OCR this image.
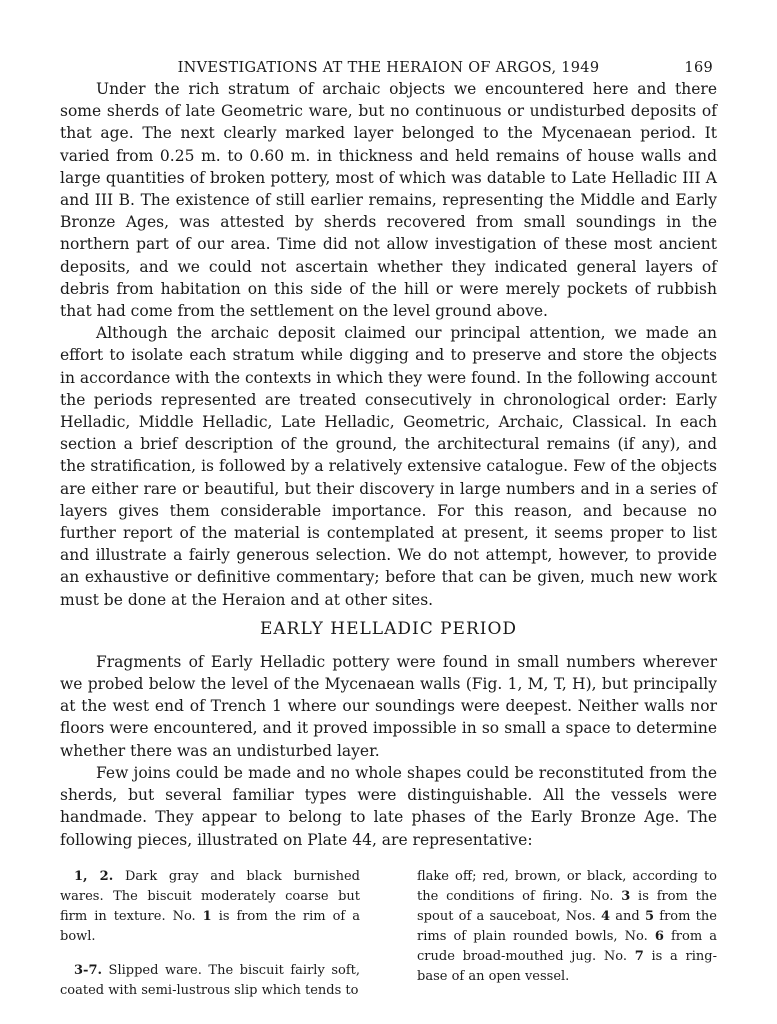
INVESTIGATIONS AT THE HERAION OF ARGOS, 1949	169

Under the rich stratum of archaic objects we encountered here and there some sherds of late Geometric ware, but no continuous or undisturbed deposits of that age. The next clearly marked layer belonged to the Mycenaean period. It varied from 0.25 m. to 0.60 m. in thickness and held remains of house walls and large quantities of broken pottery, most of which was datable to Late Helladic III A and III B. The existence of still earlier remains, representing the Middle and Early Bronze Ages, was attested by sherds recovered from small soundings in the northern part of our area. Time did not allow investigation of these most ancient deposits, and we could not ascertain whether they indicated general layers of debris from habitation on this side of the hill or were merely pockets of rubbish that had come from the settlement on the level ground above.

Although the archaic deposit claimed our principal attention, we made an effort to isolate each stratum while digging and to preserve and store the objects in accordance with the contexts in which they were found. In the following account the periods represented are treated consecutively in chronological order: Early Helladic, Middle Helladic, Late Helladic, Geometric, Archaic, Classical. In each section a brief description of the ground, the architectural remains (if any), and the stratification, is followed by a relatively extensive catalogue. Few of the objects are either rare or beautiful, but their discovery in large numbers and in a series of layers gives them considerable importance. For this reason, and because no further report of the material is contemplated at present, it seems proper to list and illustrate a fairly generous selection. We do not attempt, however, to provide an exhaustive or definitive commentary; before that can be given, much new work must be done at the Heraion and at other sites.

EARLY HELLADIC PERIOD

Fragments of Early Helladic pottery were found in small numbers wherever we probed below the level of the Mycenaean walls (Fig. 1, M, T, H), but principally at the west end of Trench 1 where our soundings were deepest. Neither walls nor floors were encountered, and it proved impossible in so small a space to determine whether there was an undisturbed layer.

Few joins could be made and no whole shapes could be reconstituted from the sherds, but several familiar types were distinguishable. All the vessels were handmade. They appear to belong to late phases of the Early Bronze Age. The following pieces, illustrated on Plate 44, are representative:

1, 2. Dark gray and black burnished wares. The biscuit moderately coarse but firm in texture. No. 1 is from the rim of a bowl.

3-7. Slipped ware. The biscuit fairly soft, coated with semi-lustrous slip which tends to

flake off; red, brown, or black, according to the conditions of firing. No. 3 is from the spout of a sauceboat, Nos. 4 and 5 from the rims of plain rounded bowls, No. 6 from a crude broad-mouthed jug. No. 7 is a ring-base of an open vessel.
